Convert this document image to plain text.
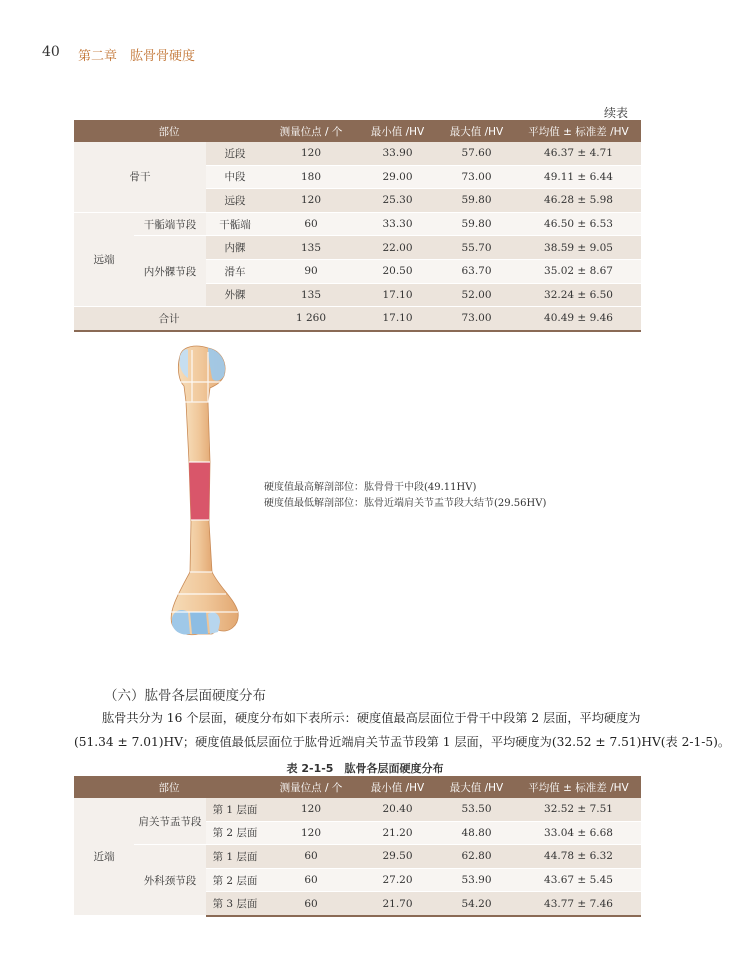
40 第二章　肱骨骨硬度
续表
部位			测量位点 / 个	最小值 /HV	最大值 /HV	平均值 ± 标准差 /HV
骨干		近段	120	33.90	57.60	46.37 ± 4.71
		中段	180	29.00	73.00	49.11 ± 6.44
		远段	120	25.30	59.80	46.28 ± 5.98
远端	干骺端节段	干骺端	60	33.30	59.80	46.50 ± 6.53
	内外髁节段	内髁	135	22.00	55.70	38.59 ± 9.05
		滑车	90	20.50	63.70	35.02 ± 8.67
		外髁	135	17.10	52.00	32.24 ± 6.50
合计			1 260	17.10	73.00	40.49 ± 9.46
硬度值最高解剖部位：肱骨骨干中段(49.11HV)
硬度值最低解剖部位：肱骨近端肩关节盂节段大结节(29.56HV)
（六）肱骨各层面硬度分布
肱骨共分为 16 个层面，硬度分布如下表所示：硬度值最高层面位于骨干中段第 2 层面，平均硬度为
(51.34 ± 7.01)HV；硬度值最低层面位于肱骨近端肩关节盂节段第 1 层面，平均硬度为(32.52 ± 7.51)HV(表 2-1-5)。
表 2-1-5　肱骨各层面硬度分布
部位			测量位点 / 个	最小值 /HV	最大值 /HV	平均值 ± 标准差 /HV
近端	肩关节盂节段	第 1 层面	120	20.40	53.50	32.52 ± 7.51
		第 2 层面	120	21.20	48.80	33.04 ± 6.68
	外科颈节段	第 1 层面	60	29.50	62.80	44.78 ± 6.32
		第 2 层面	60	27.20	53.90	43.67 ± 5.45
		第 3 层面	60	21.70	54.20	43.77 ± 7.46
